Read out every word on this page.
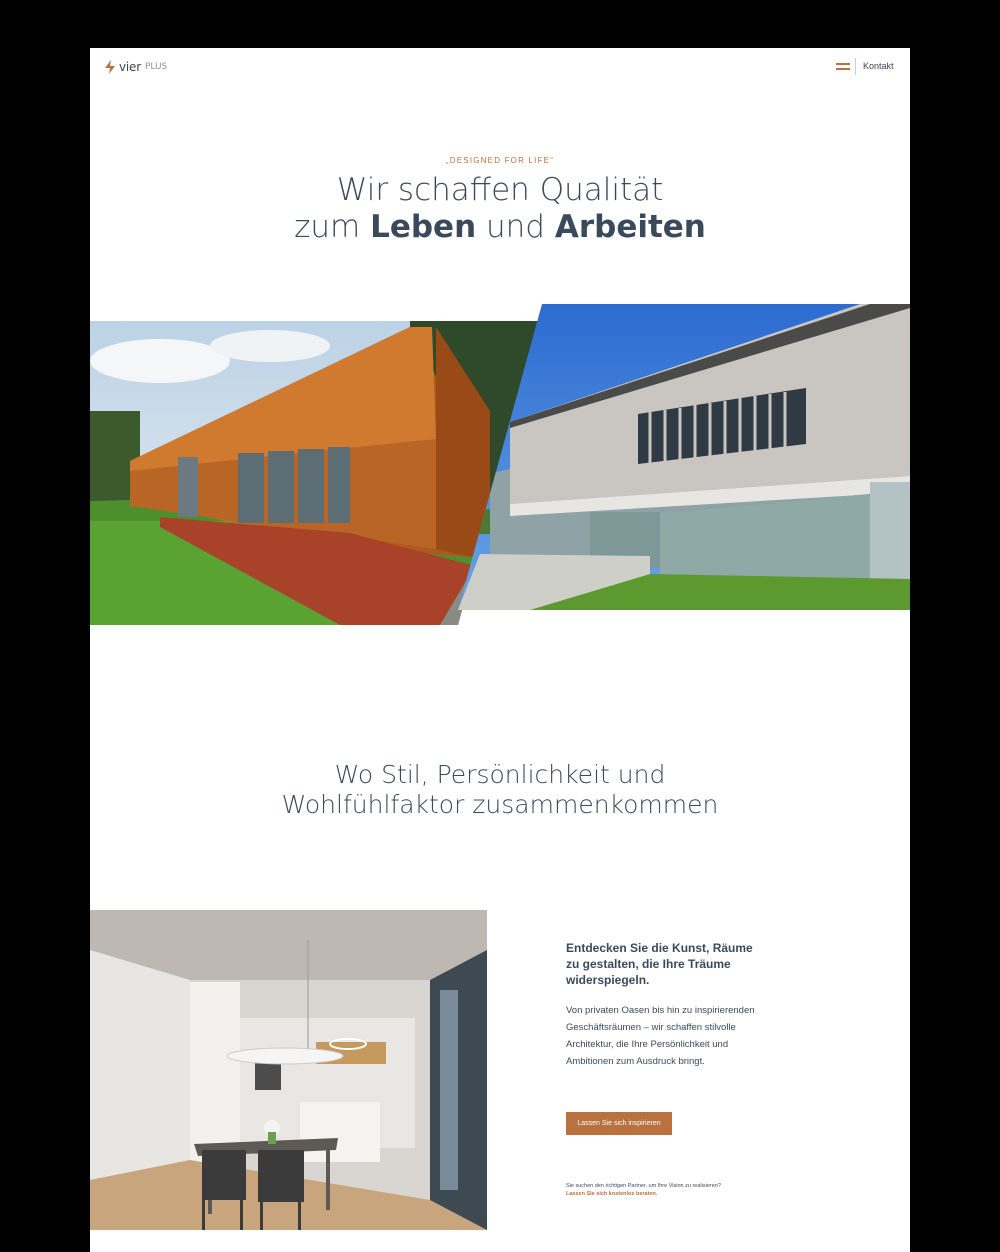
vier PLUS	Kontakt
„DESIGNED FOR LIFE“
Wir schaffen Qualität
zum Leben und Arbeiten
Wo Stil, Persönlichkeit und
Wohlfühlfaktor zusammenkommen
Entdecken Sie die Kunst, Räume zu gestalten, die Ihre Träume widerspiegeln.

Von privaten Oasen bis hin zu inspirierenden Geschäftsräumen – wir schaffen stilvolle Architektur, die Ihre Persönlichkeit und Ambitionen zum Ausdruck bringt.

Lassen Sie sich inspirieren
Sie suchen den richtigen Partner, um Ihre Vision zu realisieren?
Lassen Sie sich kostenlos beraten.
